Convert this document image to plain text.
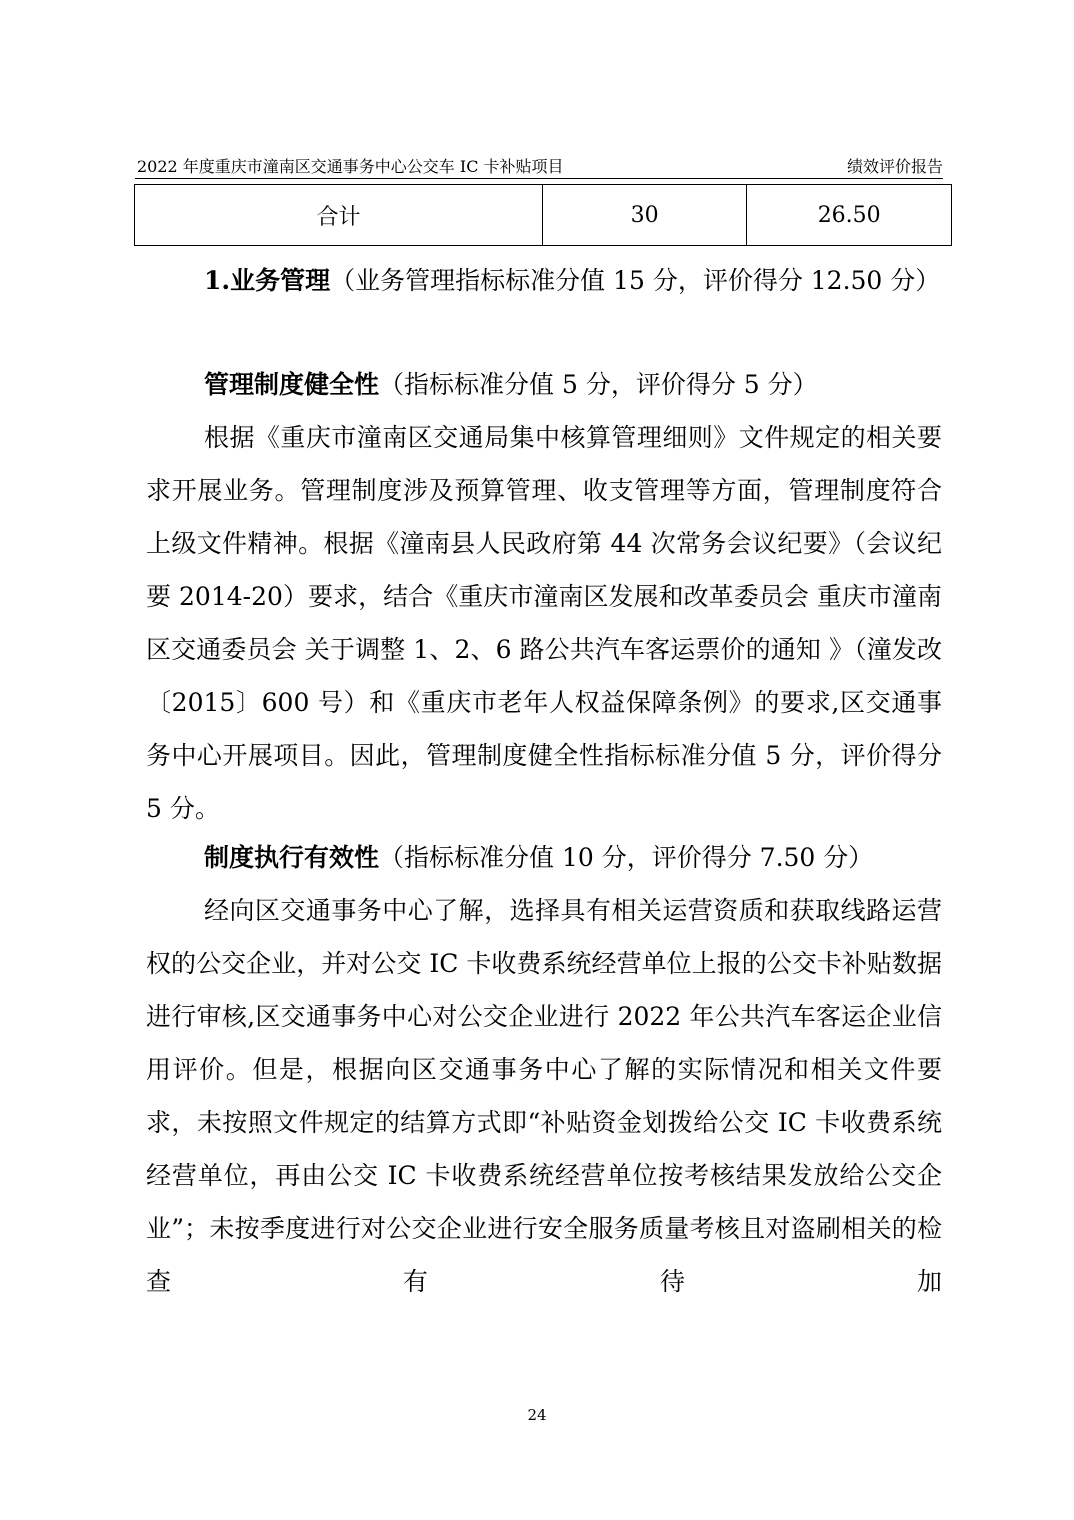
2022 年度重庆市潼南区交通事务中心公交车 IC 卡补贴项目	绩效评价报告
合计	30	26.50

1.业务管理（业务管理指标标准分值 15 分，评价得分 12.50 分）

管理制度健全性（指标标准分值 5 分，评价得分 5 分）

根据《重庆市潼南区交通局集中核算管理细则》文件规定的相关要求开展业务。管理制度涉及预算管理、收支管理等方面，管理制度符合上级文件精神。根据《潼南县人民政府第 44 次常务会议纪要》（会议纪要 2014-20）要求，结合《重庆市潼南区发展和改革委员会 重庆市潼南区交通委员会 关于调整 1、2、6 路公共汽车客运票价的通知 》（潼发改〔2015〕600 号）和《重庆市老年人权益保障条例》的要求,区交通事务中心开展项目。因此，管理制度健全性指标标准分值 5 分，评价得分 5 分。

制度执行有效性（指标标准分值 10 分，评价得分 7.50 分）

经向区交通事务中心了解，选择具有相关运营资质和获取线路运营权的公交企业，并对公交 IC 卡收费系统经营单位上报的公交卡补贴数据进行审核,区交通事务中心对公交企业进行 2022 年公共汽车客运企业信用评价。但是，根据向区交通事务中心了解的实际情况和相关文件要求，未按照文件规定的结算方式即“补贴资金划拨给公交 IC 卡收费系统经营单位，再由公交 IC 卡收费系统经营单位按考核结果发放给公交企业”；未按季度进行对公交企业进行安全服务质量考核且对盗刷相关的检查有待加

24
